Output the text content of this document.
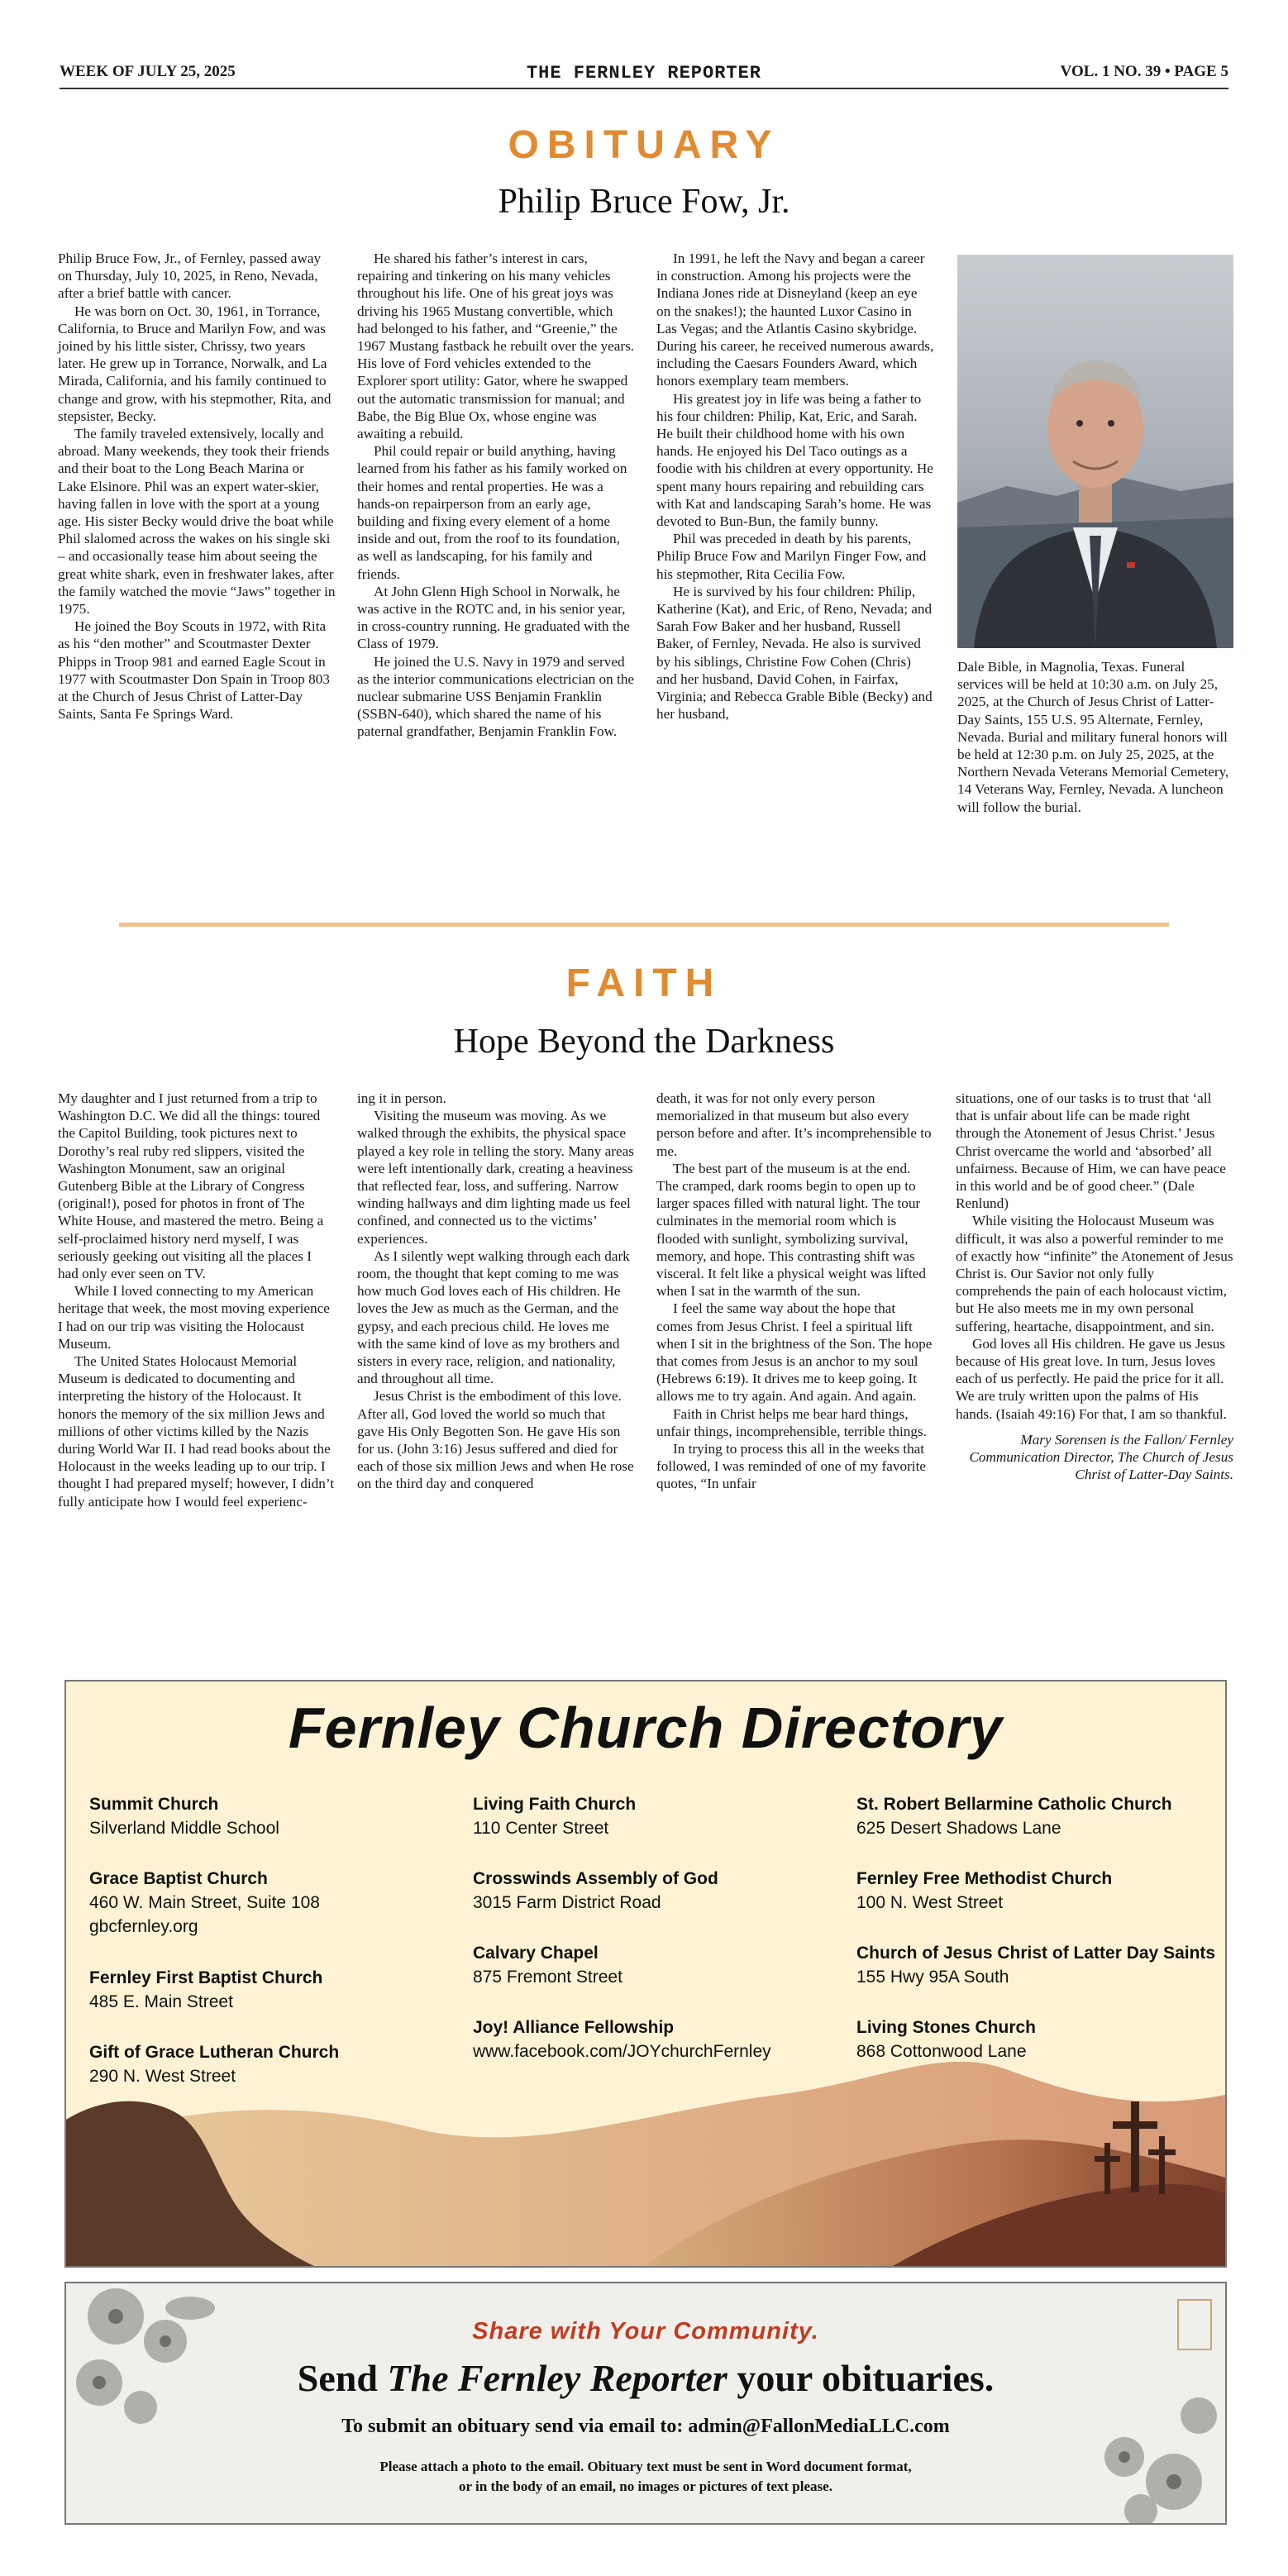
WEEK OF JULY 25, 2025	THE FERNLEY REPORTER	VOL. 1 NO. 39 • PAGE 5
OBITUARY
Philip Bruce Fow, Jr.

Philip Bruce Fow, Jr., of Fernley, passed away on Thursday, July 10, 2025, in Reno, Nevada, after a brief battle with cancer.

He was born on Oct. 30, 1961, in Torrance, California, to Bruce and Marilyn Fow, and was joined by his little sister, Chrissy, two years later. He grew up in Torrance, Norwalk, and La Mirada, California, and his family continued to change and grow, with his stepmother, Rita, and stepsister, Becky.

The family traveled extensively, locally and abroad. Many weekends, they took their friends and their boat to the Long Beach Marina or Lake Elsinore. Phil was an expert water-skier, having fallen in love with the sport at a young age. His sister Becky would drive the boat while Phil slalomed across the wakes on his single ski – and occasionally tease him about seeing the great white shark, even in freshwater lakes, after the family watched the movie “Jaws” together in 1975.

He joined the Boy Scouts in 1972, with Rita as his “den mother” and Scoutmaster Dexter Phipps in Troop 981 and earned Eagle Scout in 1977 with Scoutmaster Don Spain in Troop 803 at the Church of Jesus Christ of Latter-Day Saints, Santa Fe Springs Ward.

He shared his father’s interest in cars, repairing and tinkering on his many vehicles throughout his life. One of his great joys was driving his 1965 Mustang convertible, which had belonged to his father, and “Greenie,” the 1967 Mustang fastback he rebuilt over the years. His love of Ford vehicles extended to the Explorer sport utility: Gator, where he swapped out the automatic transmission for manual; and Babe, the Big Blue Ox, whose engine was awaiting a rebuild.

Phil could repair or build anything, having learned from his father as his family worked on their homes and rental properties. He was a hands-on repairperson from an early age, building and fixing every element of a home inside and out, from the roof to its foundation, as well as landscaping, for his family and friends.

At John Glenn High School in Norwalk, he was active in the ROTC and, in his senior year, in cross-country running. He graduated with the Class of 1979.

He joined the U.S. Navy in 1979 and served as the interior communications electrician on the nuclear submarine USS Benjamin Franklin (SSBN-640), which shared the name of his paternal grandfather, Benjamin Franklin Fow.

In 1991, he left the Navy and began a career in construction. Among his projects were the Indiana Jones ride at Disneyland (keep an eye on the snakes!); the haunted Luxor Casino in Las Vegas; and the Atlantis Casino skybridge. During his career, he received numerous awards, including the Caesars Founders Award, which honors exemplary team members.

His greatest joy in life was being a father to his four children: Philip, Kat, Eric, and Sarah. He built their childhood home with his own hands. He enjoyed his Del Taco outings as a foodie with his children at every opportunity. He spent many hours repairing and rebuilding cars with Kat and landscaping Sarah’s home. He was devoted to Bun-Bun, the family bunny.

Phil was preceded in death by his parents, Philip Bruce Fow and Marilyn Finger Fow, and his stepmother, Rita Cecilia Fow.

He is survived by his four children: Philip, Katherine (Kat), and Eric, of Reno, Nevada; and Sarah Fow Baker and her husband, Russell Baker, of Fernley, Nevada. He also is survived by his siblings, Christine Fow Cohen (Chris) and her husband, David Cohen, in Fairfax, Virginia; and Rebecca Grable Bible (Becky) and her husband,

Dale Bible, in Magnolia, Texas. Funeral services will be held at 10:30 a.m. on July 25, 2025, at the Church of Jesus Christ of Latter-Day Saints, 155 U.S. 95 Alternate, Fernley, Nevada. Burial and military funeral honors will be held at 12:30 p.m. on July 25, 2025, at the Northern Nevada Veterans Memorial Cemetery, 14 Veterans Way, Fernley, Nevada. A luncheon will follow the burial.

FAITH
Hope Beyond the Darkness

My daughter and I just returned from a trip to Washington D.C. We did all the things: toured the Capitol Building, took pictures next to Dorothy’s real ruby red slippers, visited the Washington Monument, saw an original Gutenberg Bible at the Library of Congress (original!), posed for photos in front of The White House, and mastered the metro. Being a self-proclaimed history nerd myself, I was seriously geeking out visiting all the places I had only ever seen on TV.

While I loved connecting to my American heritage that week, the most moving experience I had on our trip was visiting the Holocaust Museum.

The United States Holocaust Memorial Museum is dedicated to documenting and interpreting the history of the Holocaust. It honors the memory of the six million Jews and millions of other victims killed by the Nazis during World War II. I had read books about the Holocaust in the weeks leading up to our trip. I thought I had prepared myself; however, I didn’t fully anticipate how I would feel experienc-

ing it in person.

Visiting the museum was moving. As we walked through the exhibits, the physical space played a key role in telling the story. Many areas were left intentionally dark, creating a heaviness that reflected fear, loss, and suffering. Narrow winding hallways and dim lighting made us feel confined, and connected us to the victims’ experiences.

As I silently wept walking through each dark room, the thought that kept coming to me was how much God loves each of His children. He loves the Jew as much as the German, and the gypsy, and each precious child. He loves me with the same kind of love as my brothers and sisters in every race, religion, and nationality, and throughout all time.

Jesus Christ is the embodiment of this love. After all, God loved the world so much that gave His Only Begotten Son. He gave His son for us. (John 3:16) Jesus suffered and died for each of those six million Jews and when He rose on the third day and conquered

death, it was for not only every person memorialized in that museum but also every person before and after. It’s incomprehensible to me.

The best part of the museum is at the end. The cramped, dark rooms begin to open up to larger spaces filled with natural light. The tour culminates in the memorial room which is flooded with sunlight, symbolizing survival, memory, and hope. This contrasting shift was visceral. It felt like a physical weight was lifted when I sat in the warmth of the sun.

I feel the same way about the hope that comes from Jesus Christ. I feel a spiritual lift when I sit in the brightness of the Son. The hope that comes from Jesus is an anchor to my soul (Hebrews 6:19). It drives me to keep going. It allows me to try again. And again. And again.

Faith in Christ helps me bear hard things, unfair things, incomprehensible, terrible things.

In trying to process this all in the weeks that followed, I was reminded of one of my favorite quotes, “In unfair

situations, one of our tasks is to trust that ‘all that is unfair about life can be made right through the Atonement of Jesus Christ.’ Jesus Christ overcame the world and ‘absorbed’ all unfairness. Because of Him, we can have peace in this world and be of good cheer.” (Dale Renlund)

While visiting the Holocaust Museum was difficult, it was also a powerful reminder to me of exactly how “infinite” the Atonement of Jesus Christ is. Our Savior not only fully comprehends the pain of each holocaust victim, but He also meets me in my own personal suffering, heartache, disappointment, and sin.

God loves all His children. He gave us Jesus because of His great love. In turn, Jesus loves each of us perfectly. He paid the price for it all. We are truly written upon the palms of His hands. (Isaiah 49:16) For that, I am so thankful.

Mary Sorensen is the Fallon/ Fernley Communication Director, The Church of Jesus Christ of Latter-Day Saints.

Fernley Church Directory
Summit Church
Silverland Middle School
Grace Baptist Church
460 W. Main Street, Suite 108
gbcfernley.org
Fernley First Baptist Church
485 E. Main Street
Gift of Grace Lutheran Church
290 N. West Street
Living Faith Church
110 Center Street
Crosswinds Assembly of God
3015 Farm District Road
Calvary Chapel
875 Fremont Street
Joy! Alliance Fellowship
www.facebook.com/JOYchurchFernley
St. Robert Bellarmine Catholic Church
625 Desert Shadows Lane
Fernley Free Methodist Church
100 N. West Street
Church of Jesus Christ of Latter Day Saints
155 Hwy 95A South
Living Stones Church
868 Cottonwood Lane
Share with Your Community.
Send The Fernley Reporter your obituaries.
To submit an obituary send via email to: admin@FallonMediaLLC.com
Please attach a photo to the email. Obituary text must be sent in Word document format,
or in the body of an email, no images or pictures of text please.
